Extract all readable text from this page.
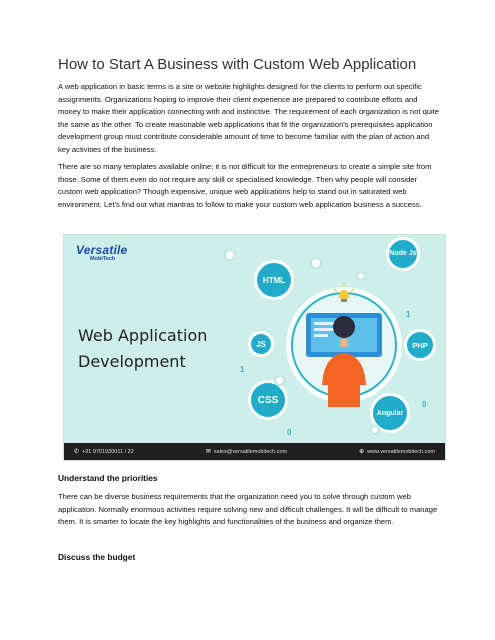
How to Start A Business with Custom Web Application

A web application in basic terms is a site or website highlights designed for the clients to perform out specific assignments. Organizations hoping to improve their client experience are prepared to contribute efforts and money to make their application connecting with and instinctive. The requirement of each organization is not quite the same as the other. To create reasonable web applications that fit the organization's prerequisites application development group must contribute considerable amount of time to become familiar with the plan of action and key activities of the business.

There are so many templates available online; it is not difficult for the entrepreneurs to create a simple site from those. Some of them even do not require any skill or specialised knowledge. Then why people will consider custom web application? Though expensive, unique web applications help to stand out in saturated web environment. Let's find out what mantras to follow to make your custom web application business a success.

Versatile
MobiTech
Web Application
Development
HTML
Node Js
JS	PHP
CSS
Angular
1
1
0
0
✆ +91 9701930011 / 22	✉ sales@versatilemobitech.com	⊕ www.versatilemobitech.com
Understand the priorities

There can be diverse business requirements that the organization need you to solve through custom web application. Normally enormous activities require solving new and difficult challenges. It will be difficult to manage them. It is smarter to locate the key highlights and functionalities of the business and organize them.

Discuss the budget
